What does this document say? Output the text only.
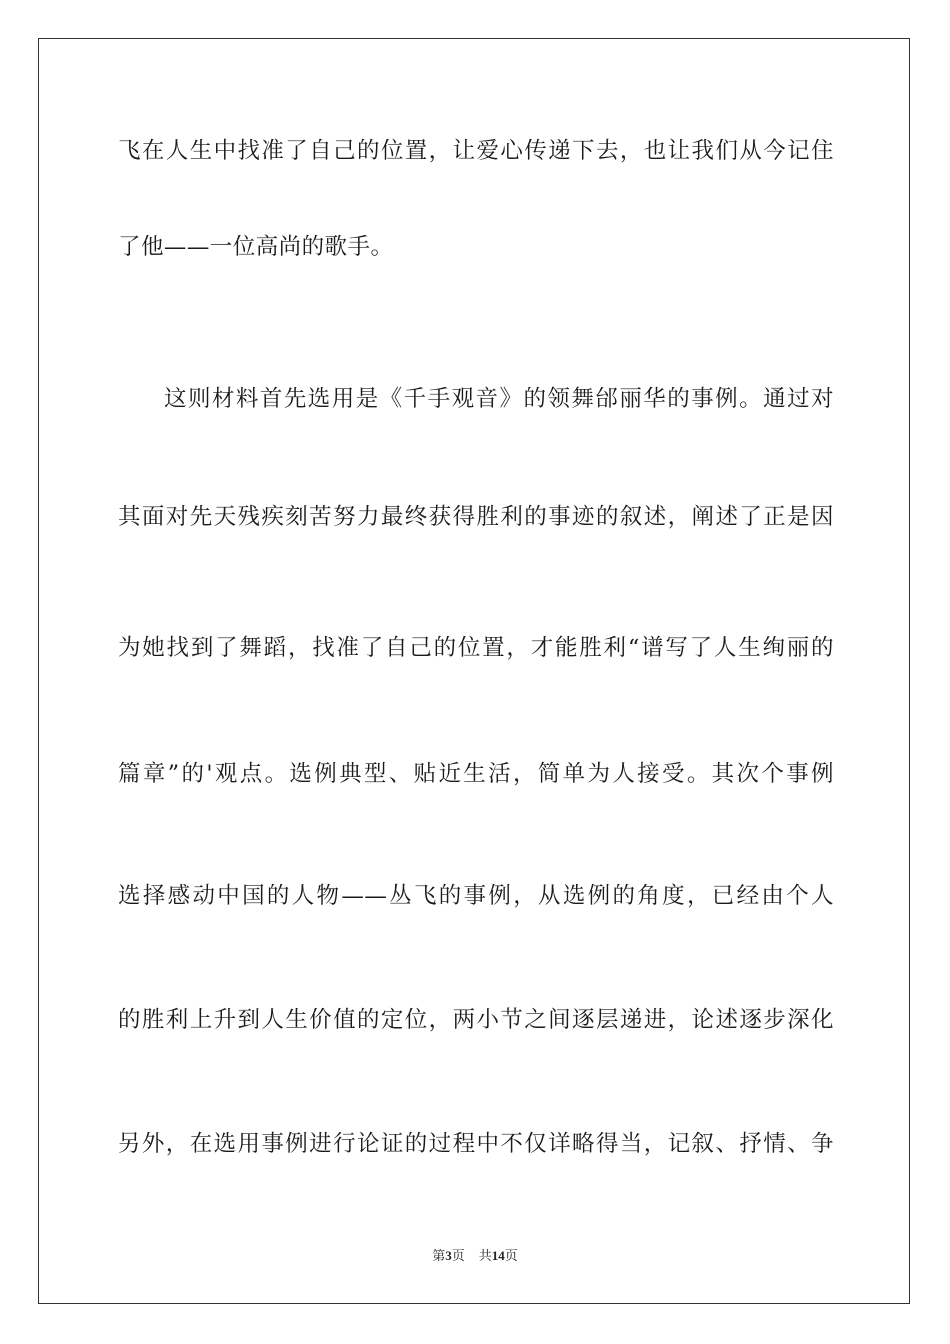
飞在人生中找准了自己的位置，让爱心传递下去，也让我们从今记住
了他——一位高尚的歌手。
这则材料首先选用是《千手观音》的领舞邰丽华的事例。通过对
其面对先天残疾刻苦努力最终获得胜利的事迹的叙述，阐述了正是因
为她找到了舞蹈，找准了自己的位置，才能胜利“谱写了人生绚丽的
篇章”的'观点。选例典型、贴近生活，简单为人接受。其次个事例
选择感动中国的人物——丛飞的事例，从选例的角度，已经由个人
的胜利上升到人生价值的定位，两小节之间逐层递进，论述逐步深化
另外，在选用事例进行论证的过程中不仅详略得当，记叙、抒情、争
第3页 共14页
